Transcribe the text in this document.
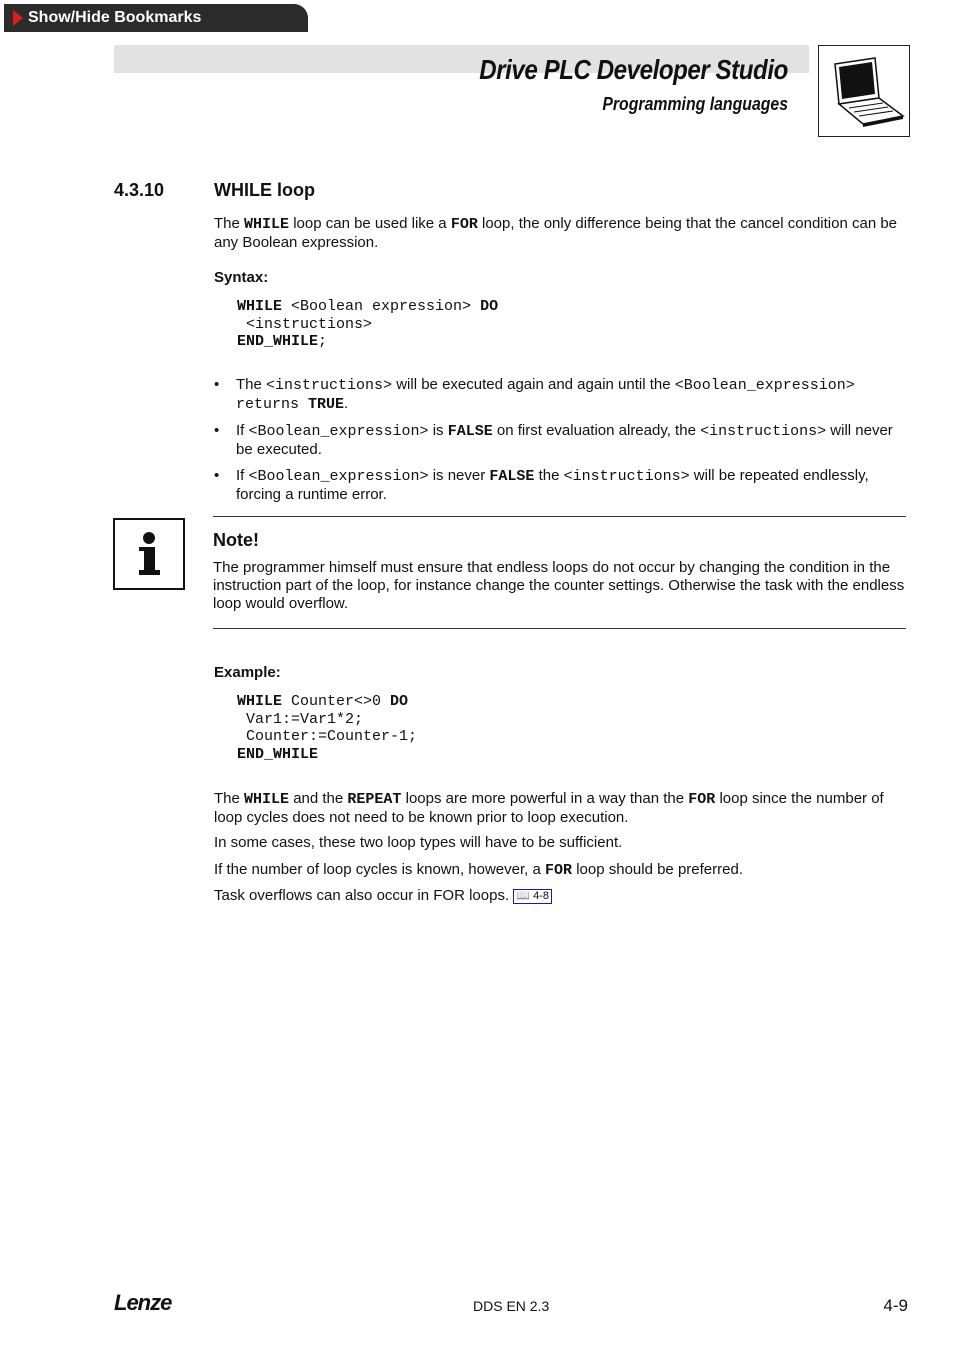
Show/Hide Bookmarks
Drive PLC Developer Studio
Programming languages
4.3.10	WHILE loop
The WHILE loop can be used like a FOR loop, the only difference being that the cancel condition can be any Boolean expression.
Syntax:
WHILE <Boolean expression> DO
<instructions>
END_WHILE;
• The <instructions> will be executed again and again until the <Boolean_expression> returns TRUE.
• If <Boolean_expression> is FALSE on first evaluation already, the <instructions> will never be executed.
• If <Boolean_expression> is never FALSE the <instructions> will be repeated endlessly, forcing a runtime error.
Note!
The programmer himself must ensure that endless loops do not occur by changing the condition in the instruction part of the loop, for instance change the counter settings. Otherwise the task with the endless loop would overflow.
Example:
WHILE Counter<>0 DO
Var1:=Var1*2;
Counter:=Counter-1;
END_WHILE
The WHILE and the REPEAT loops are more powerful in a way than the FOR loop since the number of loop cycles does not need to be known prior to loop execution.
In some cases, these two loop types will have to be sufficient.
If the number of loop cycles is known, however, a FOR loop should be preferred.
Task overflows can also occur in FOR loops. 📖 4-8
Lenze	DDS EN 2.3	4-9
